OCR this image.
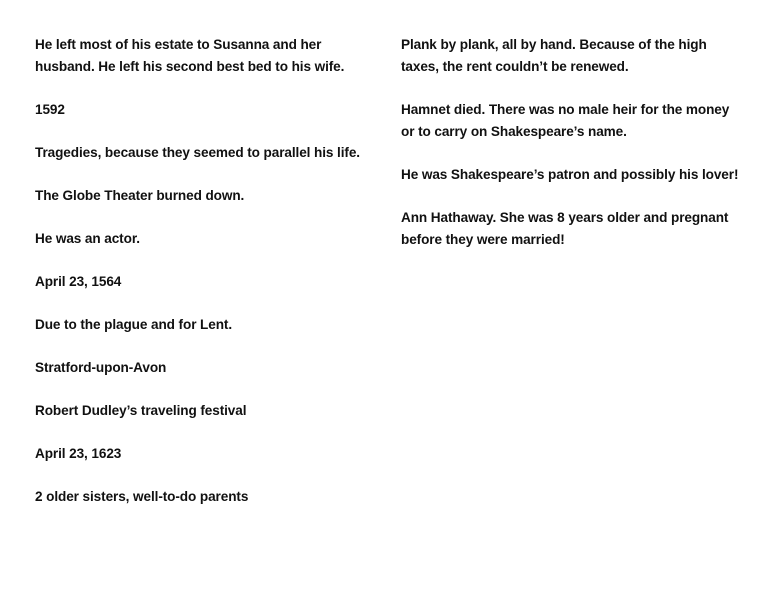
He left most of his estate to Susanna and her husband. He left his second best bed to his wife.

1592

Tragedies, because they seemed to parallel his life.

The Globe Theater burned down.

He was an actor.

April 23, 1564

Due to the plague and for Lent.

Stratford-upon-Avon

Robert Dudley’s traveling festival

April 23, 1623

2 older sisters, well-to-do parents

Plank by plank, all by hand. Because of the high taxes, the rent couldn’t be renewed.

Hamnet died. There was no male heir for the money or to carry on Shakespeare’s name.

He was Shakespeare’s patron and possibly his lover!

Ann Hathaway. She was 8 years older and pregnant before they were married!
